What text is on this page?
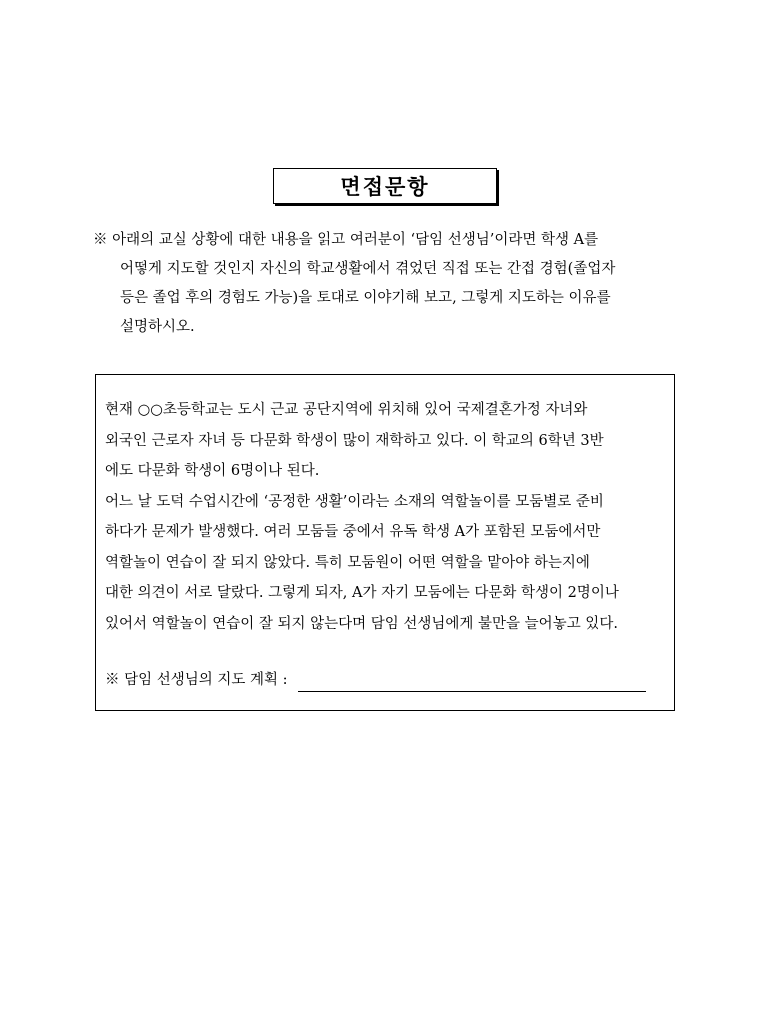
면접문항
※ 아래의 교실 상황에 대한 내용을 읽고 여러분이 ‘담임 선생님’이라면 학생 A를
어떻게 지도할 것인지 자신의 학교생활에서 겪었던 직접 또는 간접 경험(졸업자
등은 졸업 후의 경험도 가능)을 토대로 이야기해 보고, 그렇게 지도하는 이유를
설명하시오.
현재 ○○초등학교는 도시 근교 공단지역에 위치해 있어 국제결혼가정 자녀와
외국인 근로자 자녀 등 다문화 학생이 많이 재학하고 있다. 이 학교의 6학년 3반
에도 다문화 학생이 6명이나 된다.
어느 날 도덕 수업시간에 ‘공정한 생활’이라는 소재의 역할놀이를 모둠별로 준비
하다가 문제가 발생했다. 여러 모둠들 중에서 유독 학생 A가 포함된 모둠에서만
역할놀이 연습이 잘 되지 않았다. 특히 모둠원이 어떤 역할을 맡아야 하는지에
대한 의견이 서로 달랐다. 그렇게 되자, A가 자기 모둠에는 다문화 학생이 2명이나
있어서 역할놀이 연습이 잘 되지 않는다며 담임 선생님에게 불만을 늘어놓고 있다.
※ 담임 선생님의 지도 계획 :
